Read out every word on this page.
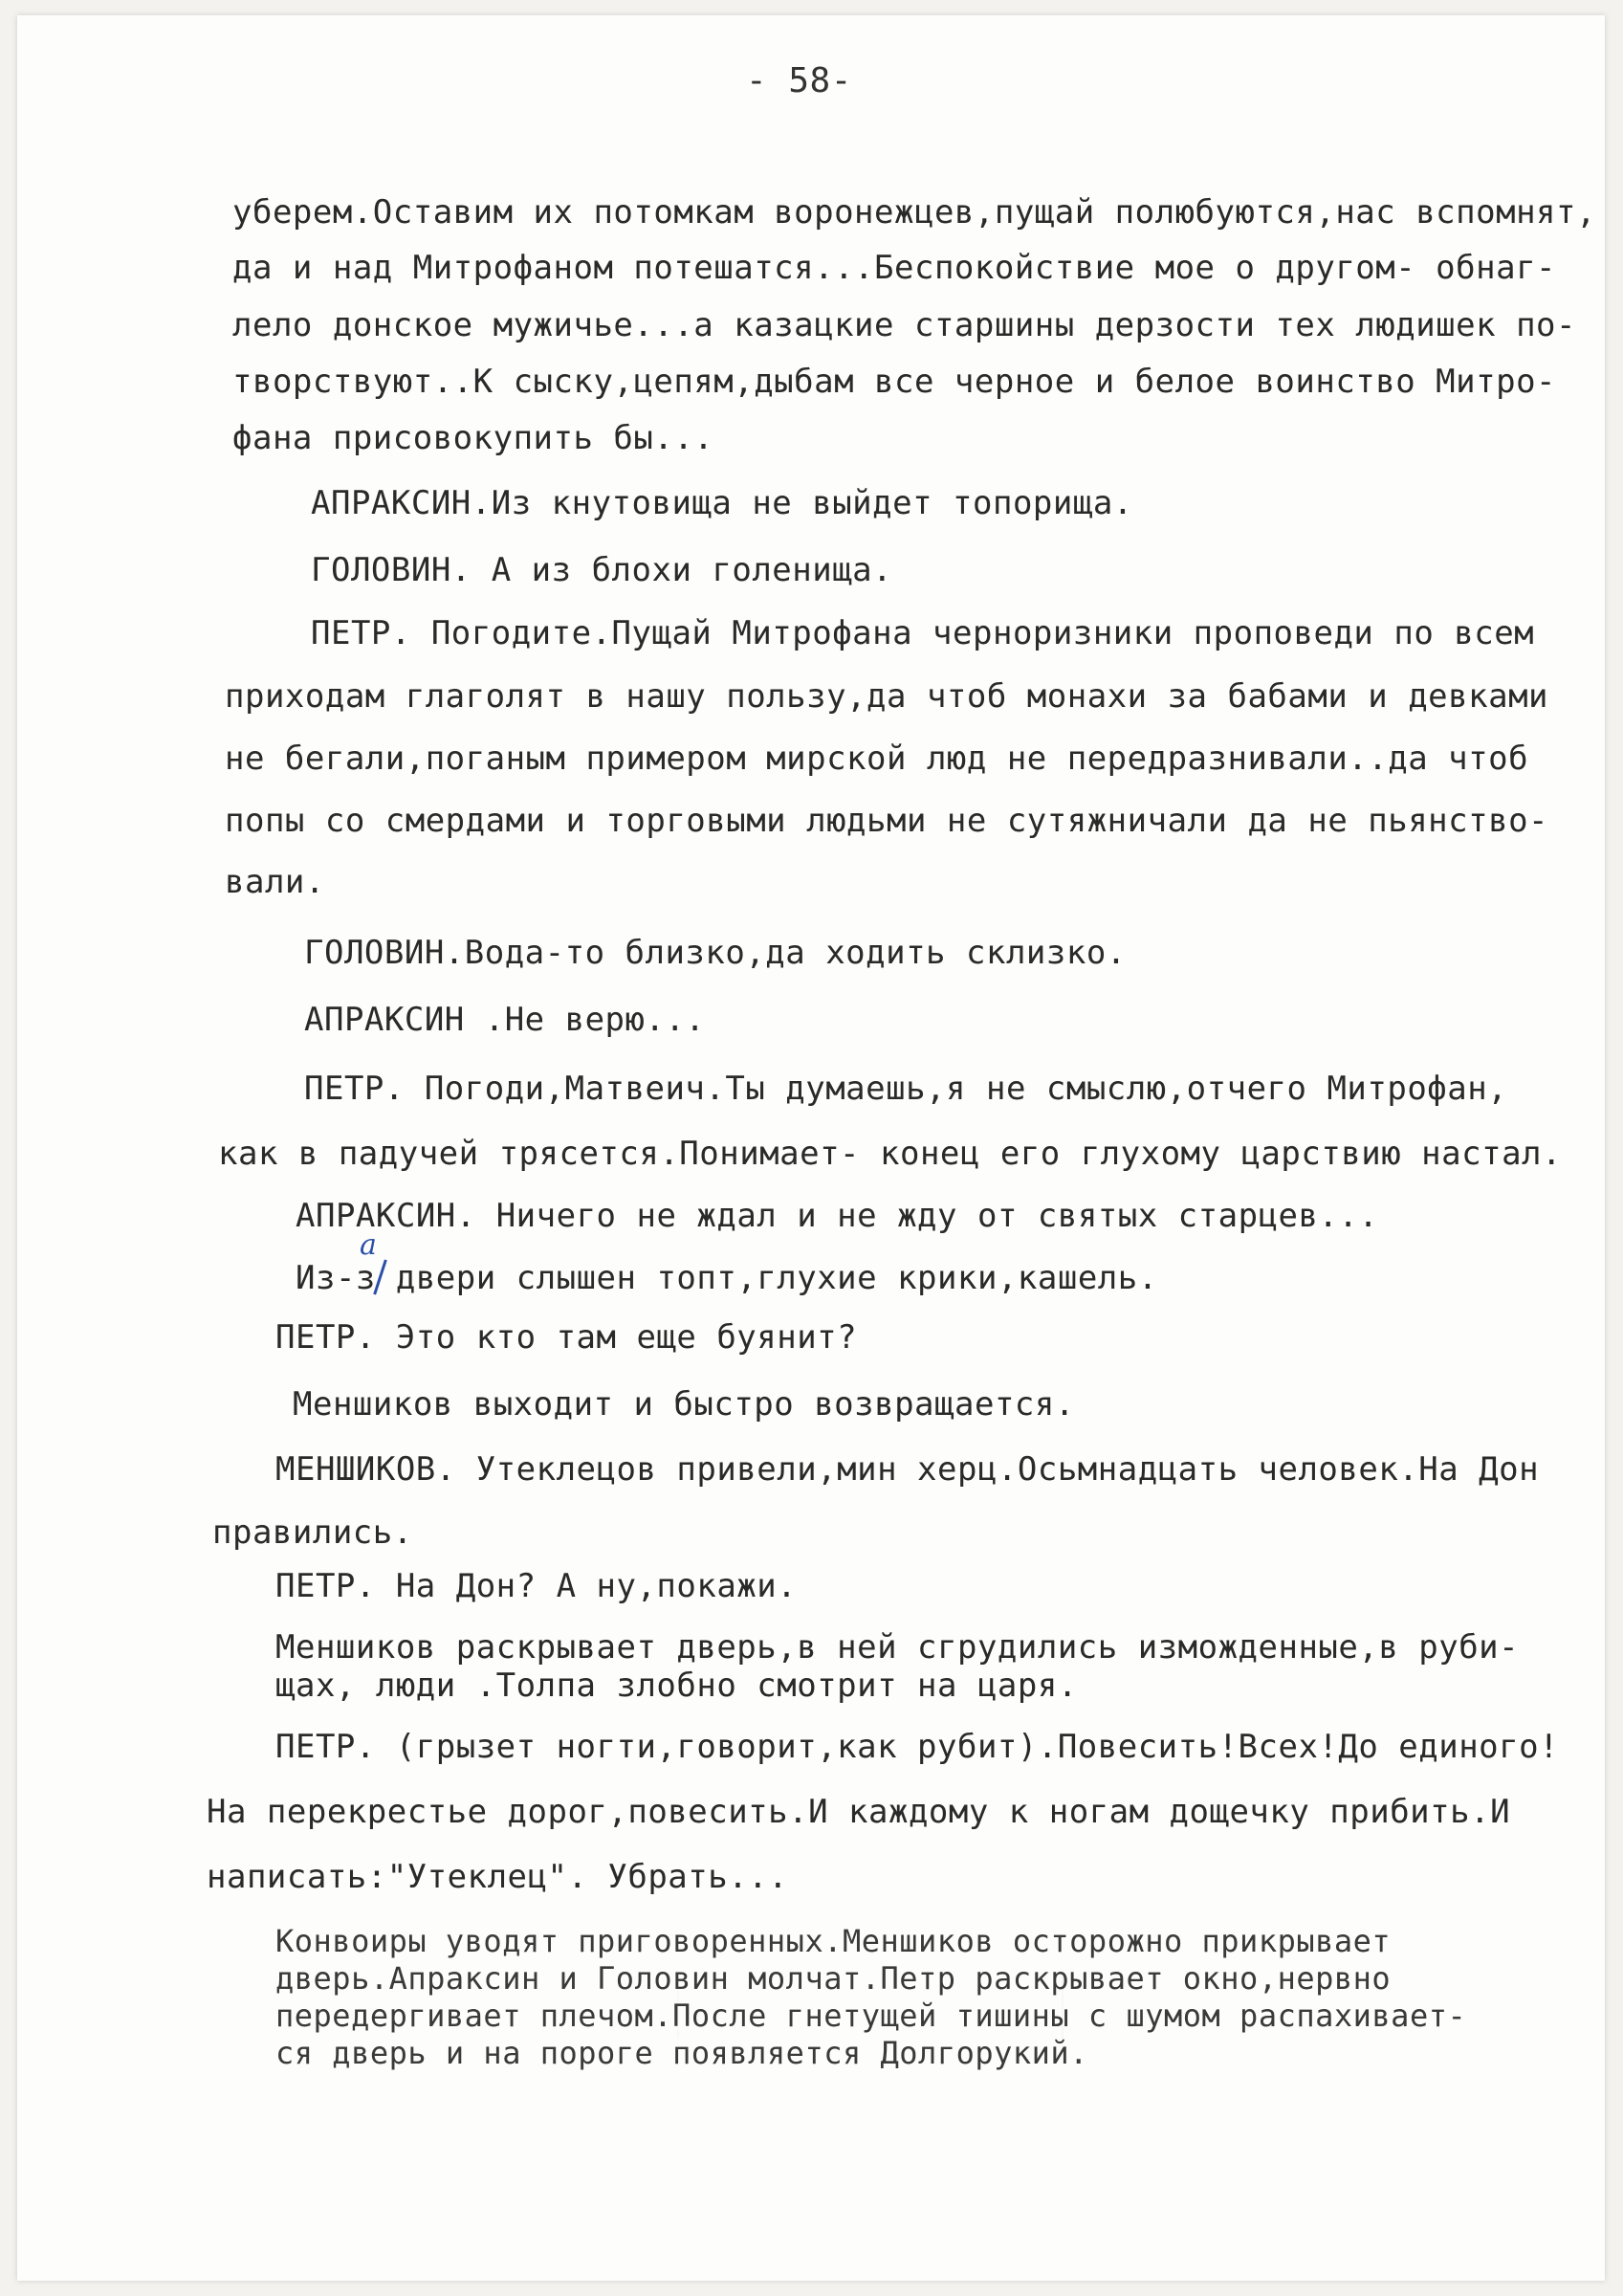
- 58-
уберем.Оставим их потомкам воронежцев,пущай полюбуются,нас вспомнят,
да и над Митрофаном потешатся...Беспокойствие мое о другом- обнаг-
лело донское мужичье...а казацкие старшины дерзости тех людишек по-
творствуют..К сыску,цепям,дыбам все черное и белое воинство Митро-
фана присовокупить бы...
АПРАКСИН.Из кнутовища не выйдет топорища.
ГОЛОВИН. А из блохи голенища.
ПЕТР. Погодите.Пущай Митрофана черноризники проповеди по всем
приходам глаголят в нашу пользу,да чтоб монахи за бабами и девками
не бегали,поганым примером мирской люд не передразнивали..да чтоб
попы со смердами и торговыми людьми не сутяжничали да не пьянство-
вали.
ГОЛОВИН.Вода-то близко,да ходить склизко.
АПРАКСИН .Не верю...
ПЕТР. Погоди,Матвеич.Ты думаешь,я не смыслю,отчего Митрофан,
как в падучей трясется.Понимает- конец его глухому царствию настал.
АПРАКСИН. Ничего не ждал и не жду от святых старцев...
а
Из-з двери слышен топт,глухие крики,кашель.
ПЕТР. Это кто там еще буянит?
Меншиков выходит и быстро возвращается.
МЕНШИКОВ. Утеклецов привели,мин херц.Осьмнадцать человек.На Дон
правились.
ПЕТР. На Дон? А ну,покажи.
Меншиков раскрывает дверь,в ней сгрудились изможденные,в руби-
щах, люди .Толпа злобно смотрит на царя.
ПЕТР. (грызет ногти,говорит,как рубит).Повесить!Всех!До единого!
На перекрестье дорог,повесить.И каждому к ногам дощечку прибить.И
написать:"Утеклец". Убрать...
Конвоиры уводят приговоренных.Меншиков осторожно прикрывает
дверь.Апраксин и Головин молчат.Петр раскрывает окно,нервно
передергивает плечом.После гнетущей тишины с шумом распахивает-
ся дверь и на пороге появляется Долгорукий.
